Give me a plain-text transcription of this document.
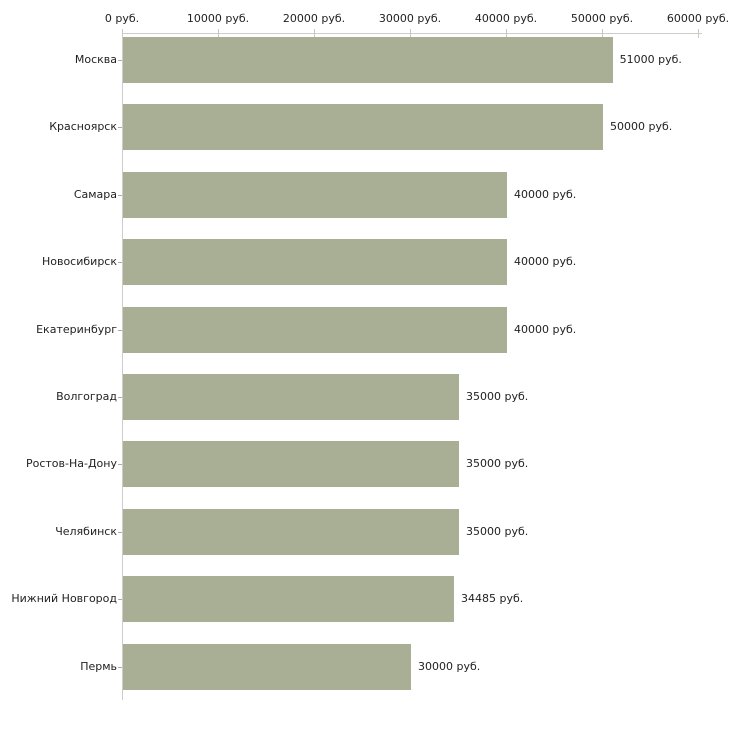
0 руб.	10000 руб.	20000 руб.	30000 руб.	40000 руб.	50000 руб.	60000 руб.
Москва	51000 руб.
Красноярск	50000 руб.
Самара	40000 руб.
Новосибирск	40000 руб.
Екатеринбург	40000 руб.
Волгоград	35000 руб.
Ростов-На-Дону	35000 руб.
Челябинск	35000 руб.
Нижний Новгород	34485 руб.
Пермь	30000 руб.
